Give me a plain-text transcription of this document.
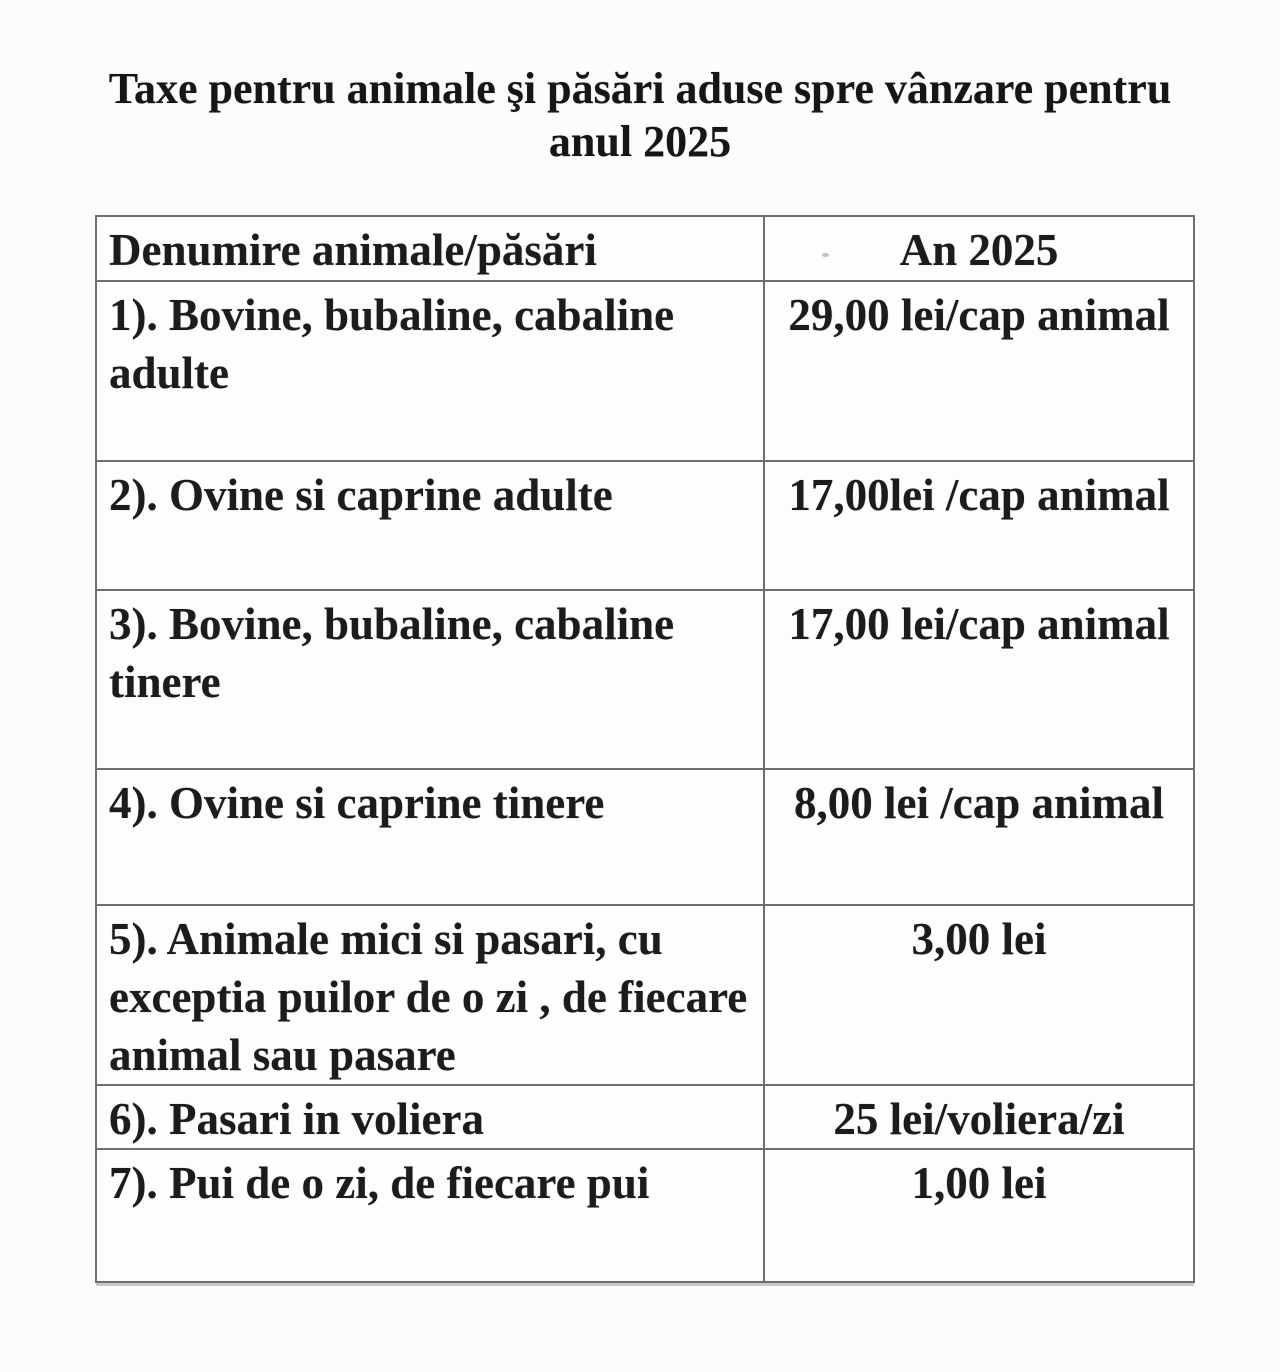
Taxe pentru animale şi păsări aduse spre vânzare pentru
anul 2025
Denumire animale/păsări	An 2025
1). Bovine, bubaline, cabaline adulte	29,00 lei/cap animal
2). Ovine si caprine adulte	17,00lei /cap animal
3). Bovine, bubaline, cabaline tinere	17,00 lei/cap animal
4). Ovine si caprine tinere	8,00 lei /cap animal
5). Animale mici si pasari, cu exceptia puilor de o zi , de fiecare animal sau pasare	3,00 lei
6). Pasari in voliera	25 lei/voliera/zi
7). Pui de o zi, de fiecare pui	1,00 lei
